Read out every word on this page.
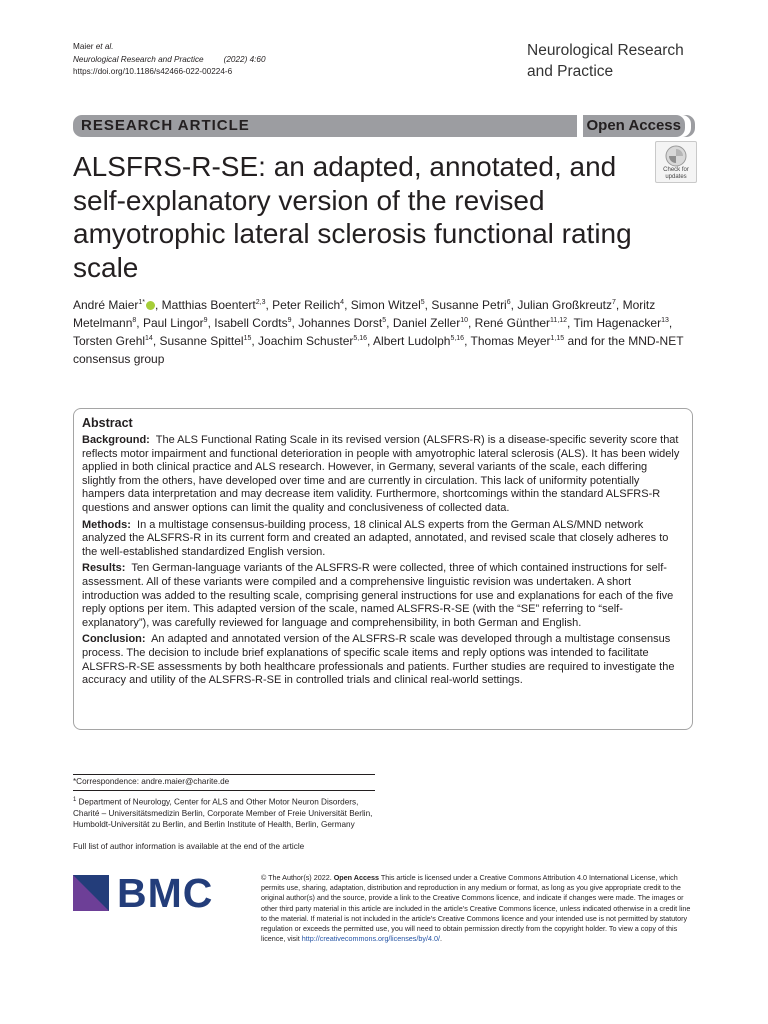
Maier et al.
Neurological Research and Practice (2022) 4:60
https://doi.org/10.1186/s42466-022-00224-6
Neurological Research and Practice
RESEARCH ARTICLE	Open Access
ALSFRS-R-SE: an adapted, annotated, and self-explanatory version of the revised amyotrophic lateral sclerosis functional rating scale
Check for
updates
André Maier$^{1*}$ , Matthias Boentert$^{2,3}$, Peter Reilich$^4$, Simon Witzel$^5$, Susanne Petri$^6$, Julian Großkreutz$^7$, Moritz Metelmann$^8$, Paul Lingor$^9$, Isabell Cordts$^9$, Johannes Dorst$^5$, Daniel Zeller$^{10}$, René Günther$^{11,12}$, Tim Hagenacker$^{13}$, Torsten Grehl$^{14}$, Susanne Spittel$^{15}$, Joachim Schuster$^{5,16}$, Albert Ludolph$^{5,16}$, Thomas Meyer$^{1,15}$ and for the MND-NET consensus group
Abstract

Background: The ALS Functional Rating Scale in its revised version (ALSFRS-R) is a disease-specific severity score that reflects motor impairment and functional deterioration in people with amyotrophic lateral sclerosis (ALS). It has been widely applied in both clinical practice and ALS research. However, in Germany, several variants of the scale, each differing slightly from the others, have developed over time and are currently in circulation. This lack of uniformity potentially hampers data interpretation and may decrease item validity. Furthermore, shortcomings within the standard ALSFRS-R questions and answer options can limit the quality and conclusiveness of collected data.

Methods: In a multistage consensus-building process, 18 clinical ALS experts from the German ALS/MND network analyzed the ALSFRS-R in its current form and created an adapted, annotated, and revised scale that closely adheres to the well-established standardized English version.

Results: Ten German-language variants of the ALSFRS-R were collected, three of which contained instructions for self-assessment. All of these variants were compiled and a comprehensive linguistic revision was undertaken. A short introduction was added to the resulting scale, comprising general instructions for use and explanations for each of the five reply options per item. This adapted version of the scale, named ALSFRS-R-SE (with the “SE” referring to “self-explanatory”), was carefully reviewed for language and comprehensibility, in both German and English.

Conclusion: An adapted and annotated version of the ALSFRS-R scale was developed through a multistage consensus process. The decision to include brief explanations of specific scale items and reply options was intended to facilitate ALSFRS-R-SE assessments by both healthcare professionals and patients. Further studies are required to investigate the accuracy and utility of the ALSFRS-R-SE in controlled trials and clinical real-world settings.

*Correspondence: andre.maier@charite.de
$^1$ Department of Neurology, Center for ALS and Other Motor Neuron Disorders, Charité – Universitätsmedizin Berlin, Corporate Member of Freie Universität Berlin, Humboldt-Universität zu Berlin, and Berlin Institute of Health, Berlin, Germany
Full list of author information is available at the end of the article
BMC	© The Author(s) 2022. Open Access This article is licensed under a Creative Commons Attribution 4.0 International License, which permits use, sharing, adaptation, distribution and reproduction in any medium or format, as long as you give appropriate credit to the original author(s) and the source, provide a link to the Creative Commons licence, and indicate if changes were made. The images or other third party material in this article are included in the article’s Creative Commons licence, unless indicated otherwise in a credit line to the material. If material is not included in the article’s Creative Commons licence and your intended use is not permitted by statutory regulation or exceeds the permitted use, you will need to obtain permission directly from the copyright holder. To view a copy of this licence, visit http://creativecommons.org/licenses/by/4.0/.
